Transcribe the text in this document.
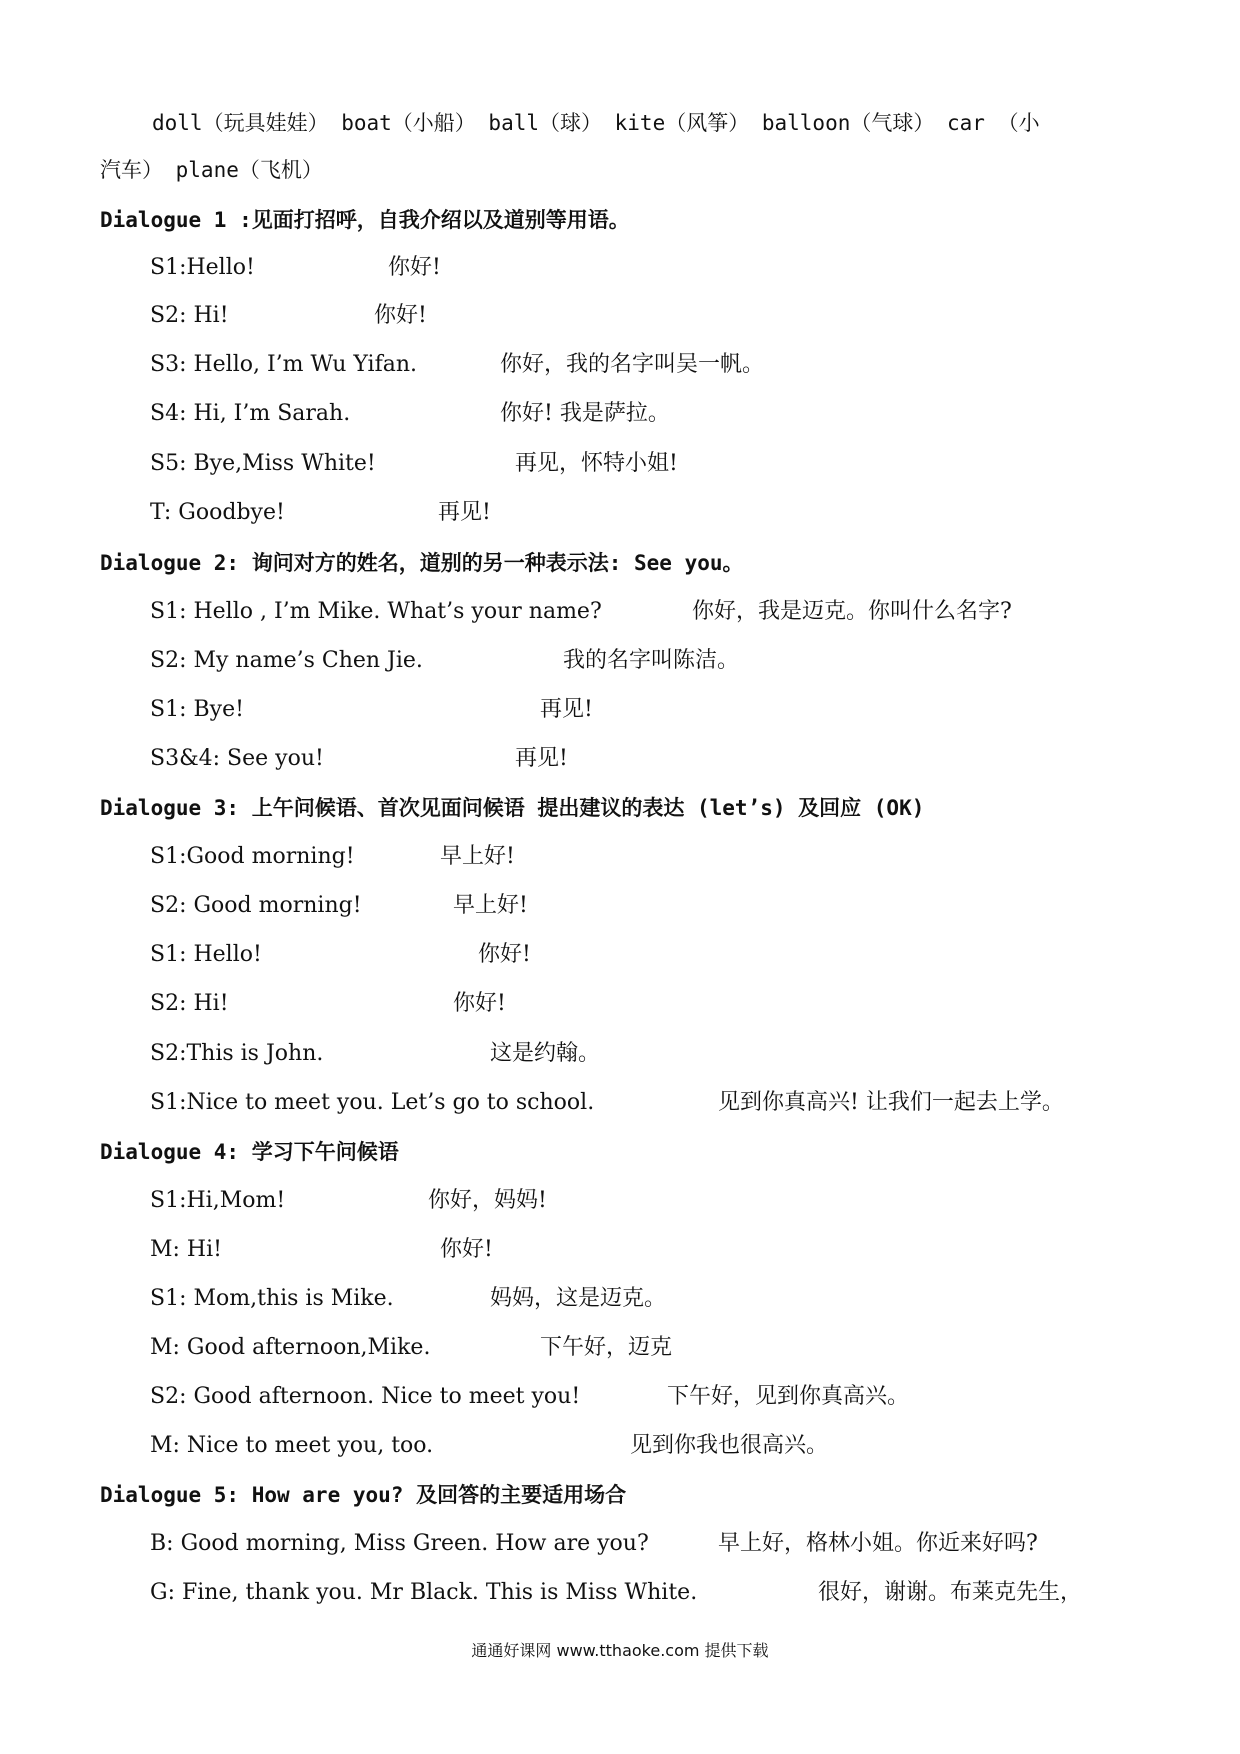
doll（玩具娃娃） boat（小船） ball（球） kite（风筝） balloon（气球） car （小
汽车） plane（飞机）
Dialogue 1 :见面打招呼，自我介绍以及道别等用语。
S1:Hello!	你好!
S2: Hi!	你好!
S3: Hello, I’m Wu Yifan.	你好，我的名字叫吴一帆。
S4: Hi, I’m Sarah.	你好! 我是萨拉。
S5: Bye,Miss White!	再见，怀特小姐!
T: Goodbye!	再见!
Dialogue 2: 询问对方的姓名，道别的另一种表示法: See you。
S1: Hello , I’m Mike. What’s your name?	你好，我是迈克。你叫什么名字?
S2: My name’s Chen Jie.	我的名字叫陈洁。
S1: Bye!	再见!
S3&4: See you!	再见!
Dialogue 3: 上午问候语、首次见面问候语 提出建议的表达 (let’s) 及回应 (OK)
S1:Good morning!	早上好!
S2: Good morning!	早上好!
S1: Hello!	你好!
S2: Hi!	你好!
S2:This is John.	这是约翰。
S1:Nice to meet you. Let’s go to school.	见到你真高兴! 让我们一起去上学。
Dialogue 4: 学习下午问候语
S1:Hi,Mom!	你好，妈妈!
M: Hi!	你好!
S1: Mom,this is Mike.	妈妈，这是迈克。
M: Good afternoon,Mike.	下午好，迈克
S2: Good afternoon. Nice to meet you!	下午好，见到你真高兴。
M: Nice to meet you, too.	见到你我也很高兴。
Dialogue 5: How are you? 及回答的主要适用场合
B: Good morning, Miss Green. How are you?	早上好，格林小姐。你近来好吗?
G: Fine, thank you. Mr Black. This is Miss White.	很好，谢谢。布莱克先生，
通通好课网 www.tthaoke.com 提供下载
